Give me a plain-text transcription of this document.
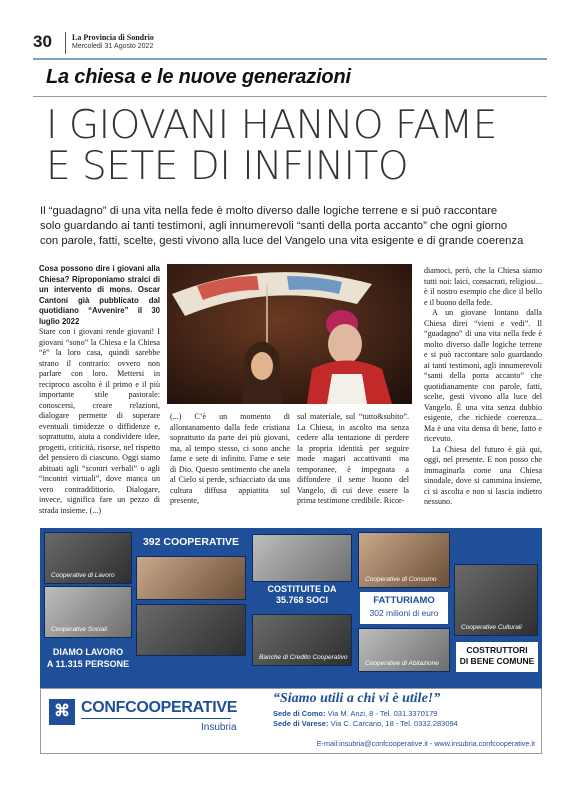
30	La Provincia di Sondrio
Mercoledì 31 Agosto 2022
La chiesa e le nuove generazioni
I GIOVANI HANNO FAME
E SETE DI INFINITO
Il “guadagno” di una vita nella fede è molto diverso dalle logiche terrene e si può raccontare
solo guardando ai tanti testimoni, agli innumerevoli “santi della porta accanto” che ogni giorno
con parole, fatti, scelte, gesti vivono alla luce del Vangelo una vita esigente e di grande coerenza

Cosa possono dire i giovani alla Chiesa? Riproponiamo stralci di un intervento di mons. Oscar Cantoni già pubblicato dal quotidiano “Avvenire” il 30 luglio 2022

Stare con i giovani rende giovani! I giovani “sono” la Chiesa e la Chiesa “è” la loro casa, quindi sarebbe strano il contrario: ovvero non parlare con loro. Mettersi in reciproco ascolto è il primo e il più importante stile pastorale: conoscersi, creare relazioni, dialogare permette di superare eventuali timidezze o diffidenze e, soprattutto, aiuta a condividere idee, progetti, criticità, risorse, nel rispetto del pensiero di ciascuno. Oggi siamo abituati agli “scontri verbali” o agli “incontri virtuali”, dove manca un vero contraddittorio. Dialogare, invece, significa fare un pezzo di strada insieme. (...)

(...) C’è un momento di allontanamento dalla fede cristiana soprattutto da parte dei più giovani, ma, al tempo stesso, ci sono anche fame e sete di infinito. Fame e sete di Dio. Questo sentimento che anela al Cielo si perde, schiacciato da una cultura diffusa appiattita sul presente,

sul materiale, sul “tutto&subito”. La Chiesa, in ascolto ma senza cedere alla tentazione di perdere la propria identità per seguire mode magari accattivanti ma temporanee, è impegnata a diffondere il seme buono del Vangelo, di cui deve essere la prima testimone credibile. Ricor-

diamoci, però, che la Chiesa siamo tutti noi: laici, consacrati, religiosi... è il nostro esempio che dice il bello e il buono della fede.

A un giovane lontano dalla Chiesa direi “vieni e vedi”. Il “guadagno” di una vita nella fede è molto diverso dalle logiche terrene e si può raccontare solo guardando ai tanti testimoni, agli innumerevoli “santi della porta accanto” che quotidianamente con parole, fatti, scelte, gesti vivono alla luce del Vangelo. È una vita senza dubbio esigente, che richiede coerenza... Ma è una vita densa di bene, fatto e ricevuto.

La Chiesa del futuro è già qui, oggi, nel presente. E non posso che immaginarla come una Chiesa sinodale, dove si cammina insieme, ci si ascolta e non si lascia indietro nessuno.

Cooperative di Lavoro
Cooperative Sociali
Banche di Credito Cooperativo
Cooperative di Consumo
Cooperative di Abitazione
Cooperative Culturali
392 COOPERATIVE
COSTITUITE DA
35.768 SOCI	FATTURIAMO
302 milioni di euro
DIAMO LAVORO
A 11.315 PERSONE
COSTRUTTORI
DI BENE COMUNE
⌘ CONFCOOPERATIVE
Insubria
“Siamo utili a chi vi è utile!”
Sede di Como: Via M. Anzi, 8 - Tel. 031.3370179
Sede di Varese: Via C. Carcano, 18 - Tel. 0332.283094
E-mail:insubria@confcooperative.it - www.insubria.confcooperative.it
